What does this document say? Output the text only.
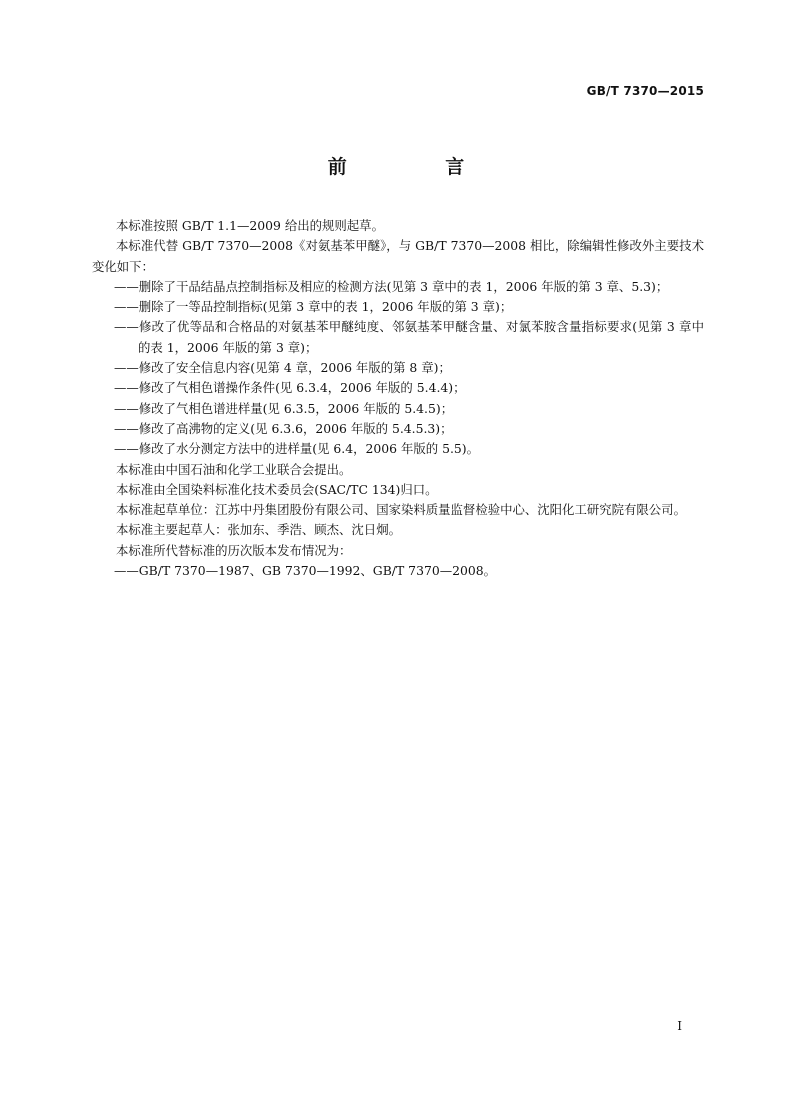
GB/T 7370—2015
前 言

本标准按照 GB/T 1.1—2009 给出的规则起草。

本标准代替 GB/T 7370—2008《对氨基苯甲醚》，与 GB/T 7370—2008 相比，除编辑性修改外主要技术变化如下：

——删除了干品结晶点控制指标及相应的检测方法(见第 3 章中的表 1，2006 年版的第 3 章、5.3)；

——删除了一等品控制指标(见第 3 章中的表 1，2006 年版的第 3 章)；

——修改了优等品和合格品的对氨基苯甲醚纯度、邻氨基苯甲醚含量、对氯苯胺含量指标要求(见第 3 章中的表 1，2006 年版的第 3 章)；

——修改了安全信息内容(见第 4 章，2006 年版的第 8 章)；

——修改了气相色谱操作条件(见 6.3.4，2006 年版的 5.4.4)；

——修改了气相色谱进样量(见 6.3.5，2006 年版的 5.4.5)；

——修改了高沸物的定义(见 6.3.6，2006 年版的 5.4.5.3)；

——修改了水分测定方法中的进样量(见 6.4，2006 年版的 5.5)。

本标准由中国石油和化学工业联合会提出。

本标准由全国染料标准化技术委员会(SAC/TC 134)归口。

本标准起草单位：江苏中丹集团股份有限公司、国家染料质量监督检验中心、沈阳化工研究院有限公司。

本标准主要起草人：张加东、季浩、顾杰、沈日炯。

本标准所代替标准的历次版本发布情况为：

——GB/T 7370—1987、GB 7370—1992、GB/T 7370—2008。

I
